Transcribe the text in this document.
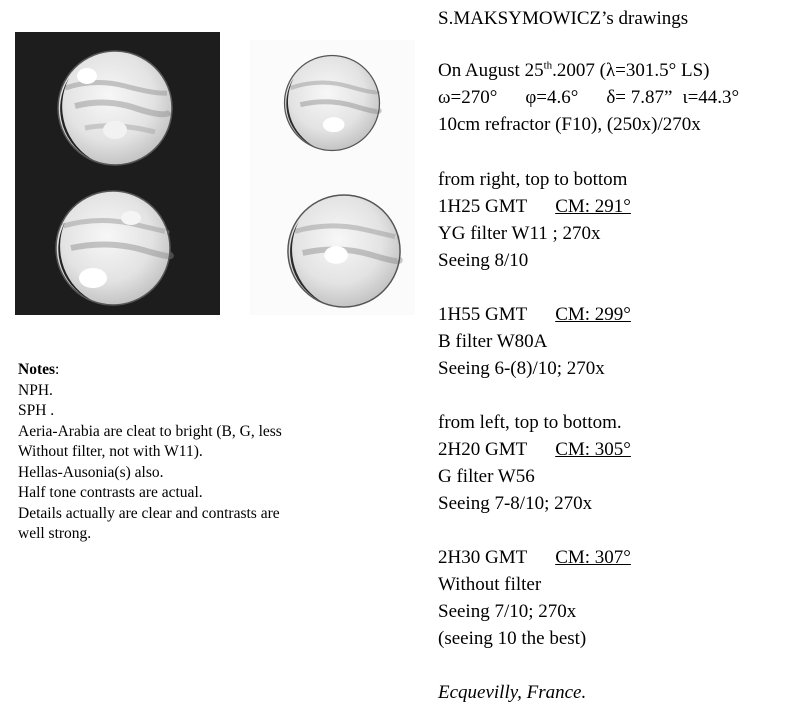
S.MAKSYMOWICZ’s drawings
On August 25th.2007 (λ=301.5° LS)
ω=270° φ=4.6° δ= 7.87” ι=44.3°
10cm refractor (F10), (250x)/270x
from right, top to bottom
1H25 GMT CM: 291°
YG filter W11 ; 270x
Seeing 8/10

1H55 GMT CM: 299°
B filter W80A
Seeing 6-(8)/10; 270x

from left, top to bottom.
2H20 GMT CM: 305°
G filter W56
Seeing 7-8/10; 270x

2H30 GMT CM: 307°
Without filter
Seeing 7/10; 270x
(seeing 10 the best)

Ecquevilly, France.
Notes:
NPH.
SPH .
Aeria-Arabia are cleat to bright (B, G, less
Without filter, not with W11).
Hellas-Ausonia(s) also.
Half tone contrasts are actual.
Details actually are clear and contrasts are
well strong.
